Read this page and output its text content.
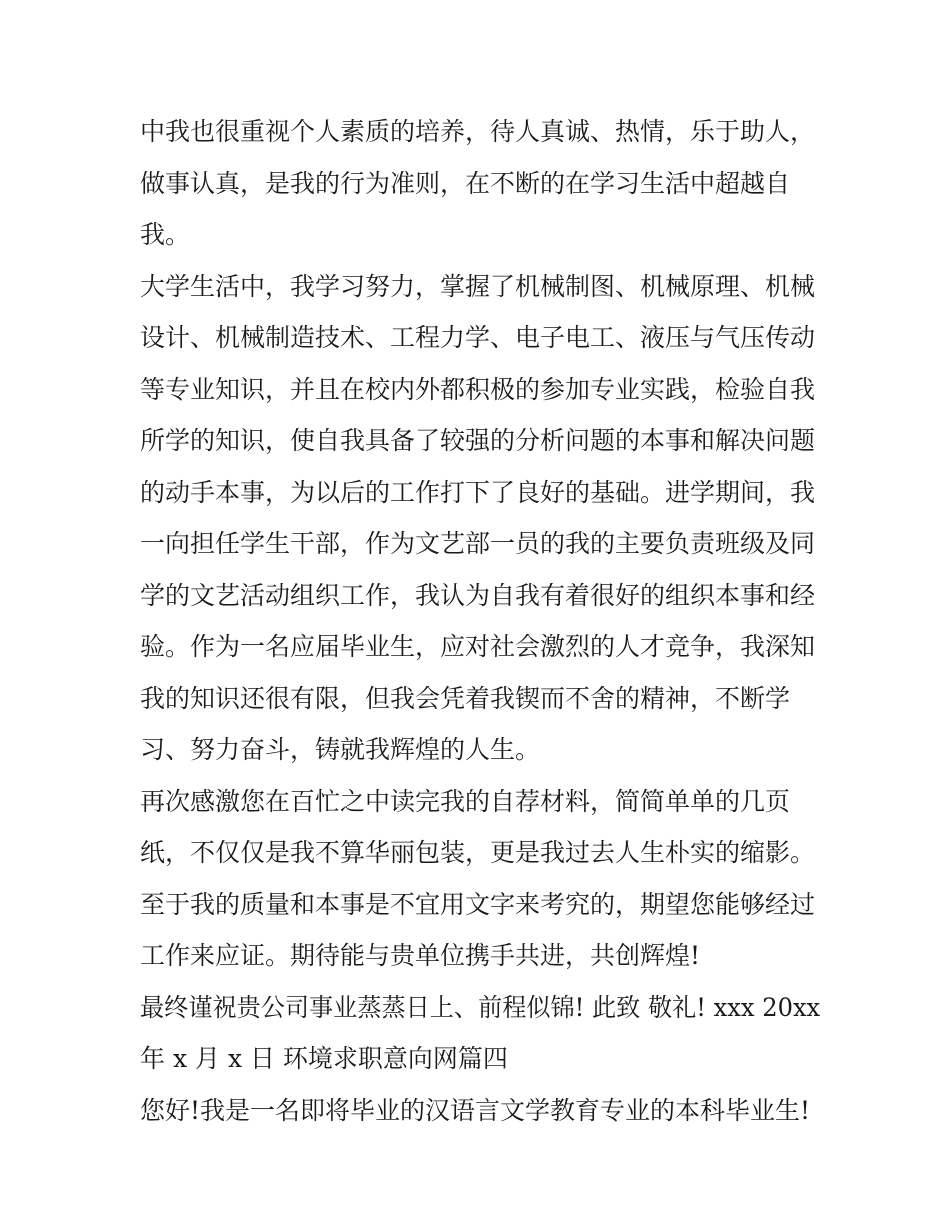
中我也很重视个人素质的培养，待人真诚、热情，乐于助人，
做事认真，是我的行为准则，在不断的在学习生活中超越自
我。
大学生活中，我学习努力，掌握了机械制图、机械原理、机械
设计、机械制造技术、工程力学、电子电工、液压与气压传动
等专业知识，并且在校内外都积极的参加专业实践，检验自我
所学的知识，使自我具备了较强的分析问题的本事和解决问题
的动手本事，为以后的工作打下了良好的基础。进学期间，我
一向担任学生干部，作为文艺部一员的我的主要负责班级及同
学的文艺活动组织工作，我认为自我有着很好的组织本事和经
验。作为一名应届毕业生，应对社会激烈的人才竞争，我深知
我的知识还很有限，但我会凭着我锲而不舍的精神，不断学
习、努力奋斗，铸就我辉煌的人生。
再次感激您在百忙之中读完我的自荐材料，简简单单的几页
纸，不仅仅是我不算华丽包装，更是我过去人生朴实的缩影。
至于我的质量和本事是不宜用文字来考究的，期望您能够经过
工作来应证。期待能与贵单位携手共进，共创辉煌!
最终谨祝贵公司事业蒸蒸日上、前程似锦! 此致 敬礼! xxx 20xx
年 x 月 x 日 环境求职意向网篇四
您好!我是一名即将毕业的汉语言文学教育专业的本科毕业生!
